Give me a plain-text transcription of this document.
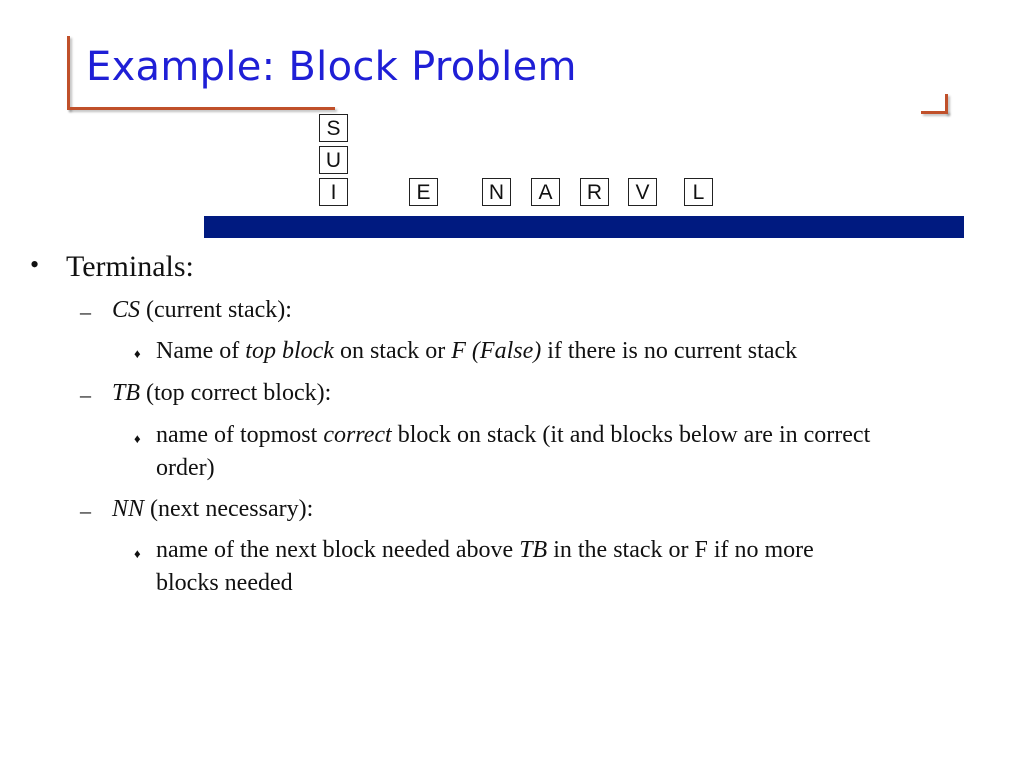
Example: Block Problem
S
U
I	E	N	A	R	V	L
• Terminals:
– CS (current stack):
♦ Name of top block on stack or F (False) if there is no current stack
– TB (top correct block):
♦ name of topmost correct block on stack (it and blocks below are in correct
order)
– NN (next necessary):
♦ name of the next block needed above TB in the stack or F if no more
blocks needed
